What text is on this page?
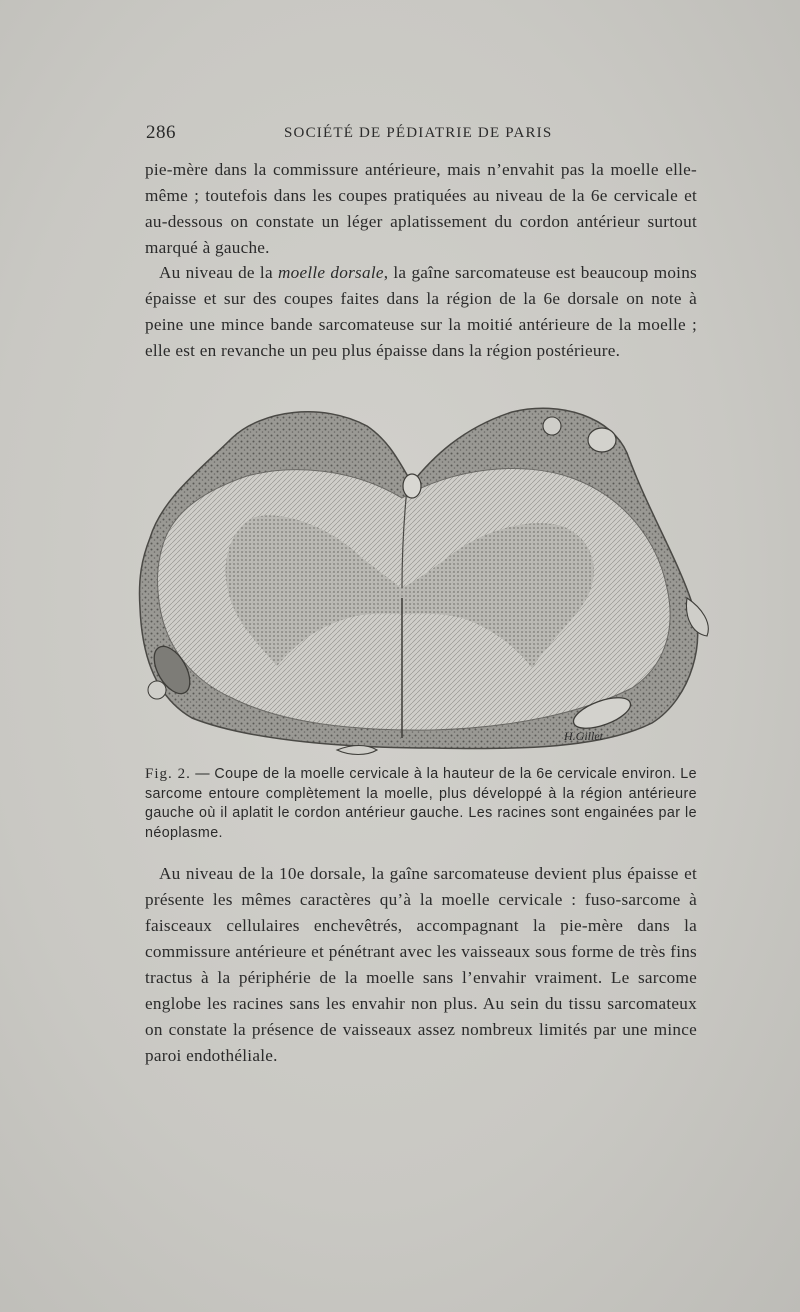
286	SOCIÉTÉ DE PÉDIATRIE DE PARIS

pie-mère dans la commissure antérieure, mais n’envahit pas la moelle elle-même ; toutefois dans les coupes pratiquées au niveau de la 6e cervicale et au-dessous on constate un léger aplatissement du cordon antérieur surtout marqué à gauche.

Au niveau de la moelle dorsale, la gaîne sarcomateuse est beaucoup moins épaisse et sur des coupes faites dans la région de la 6e dorsale on note à peine une mince bande sarcomateuse sur la moitié antérieure de la moelle ; elle est en revanche un peu plus épaisse dans la région postérieure.

H.Gillet

Fig. 2. — Coupe de la moelle cervicale à la hauteur de la 6e cervicale environ. Le sarcome entoure complètement la moelle, plus développé à la région antérieure gauche où il aplatit le cordon antérieur gauche. Les racines sont engainées par le néoplasme.

Au niveau de la 10e dorsale, la gaîne sarcomateuse devient plus épaisse et présente les mêmes caractères qu’à la moelle cervicale : fuso-sarcome à faisceaux cellulaires enchevêtrés, accompagnant la pie-mère dans la commissure antérieure et pénétrant avec les vaisseaux sous forme de très fins tractus à la périphérie de la moelle sans l’envahir vraiment. Le sarcome englobe les racines sans les envahir non plus. Au sein du tissu sarcomateux on constate la présence de vaisseaux assez nombreux limités par une mince paroi endothéliale.
